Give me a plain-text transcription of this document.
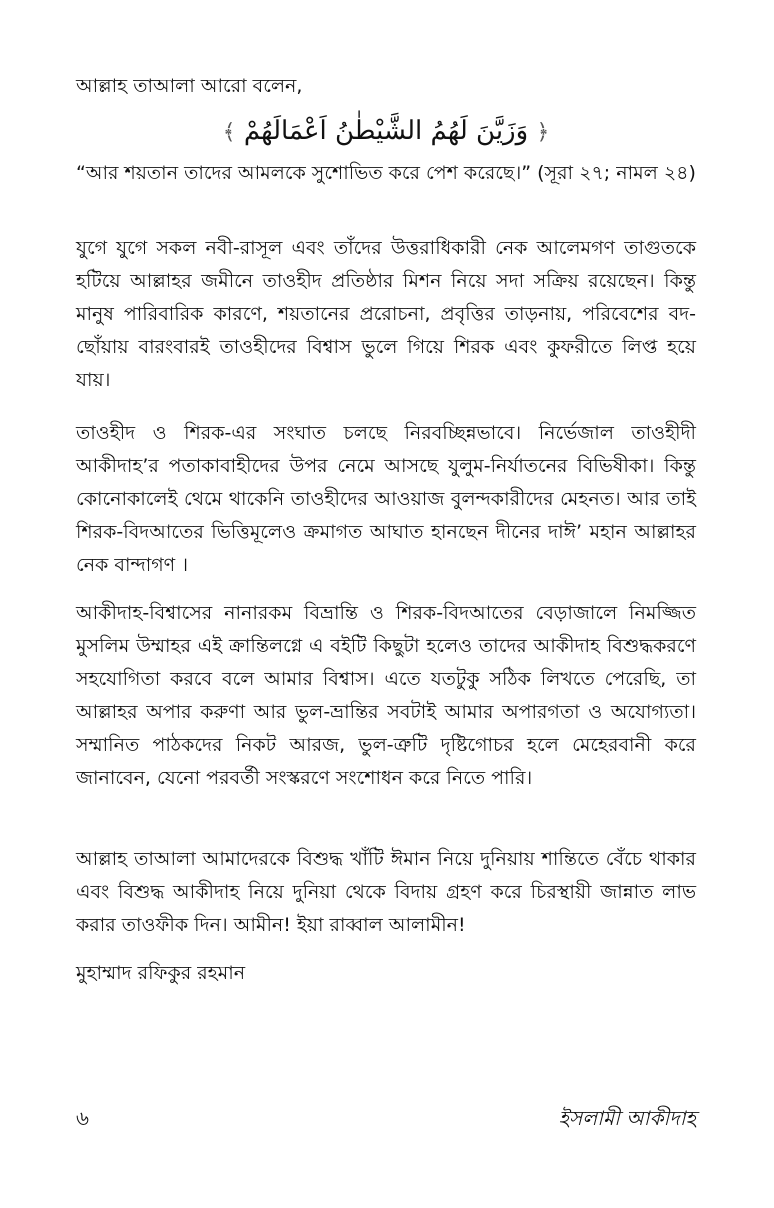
আল্লাহ তাআলা আরো বলেন,

﴿ وَزَيَّنَ لَهُمُ الشَّيْطٰنُ اَعْمَالَهُمْ ﴾

“আর শয়তান তাদের আমলকে সুশোভিত করে পেশ করেছে।” (সূরা ২৭; নামল ২৪)

যুগে যুগে সকল নবী-রাসূল এবং তাঁদের উত্তরাধিকারী নেক আলেমগণ তাগুতকে হটিয়ে আল্লাহর জমীনে তাওহীদ প্রতিষ্ঠার মিশন নিয়ে সদা সক্রিয় রয়েছেন। কিন্তু মানুষ পারিবারিক কারণে, শয়তানের প্ররোচনা, প্রবৃত্তির তাড়নায়, পরিবেশের বদ-ছোঁয়ায় বারংবারই তাওহীদের বিশ্বাস ভুলে গিয়ে শিরক এবং কুফরীতে লিপ্ত হয়ে যায়।

তাওহীদ ও শিরক-এর সংঘাত চলছে নিরবচ্ছিন্নভাবে। নির্ভেজাল তাওহীদী আকীদাহ’র পতাকাবাহীদের উপর নেমে আসছে যুলুম-নির্যাতনের বিভিষীকা। কিন্তু কোনোকালেই থেমে থাকেনি তাওহীদের আওয়াজ বুলন্দকারীদের মেহনত। আর তাই শিরক-বিদআতের ভিত্তিমূলেও ক্রমাগত আঘাত হানছেন দীনের দাঈ’ মহান আল্লাহর নেক বান্দাগণ ।

আকীদাহ-বিশ্বাসের নানারকম বিভ্রান্তি ও শিরক-বিদআতের বেড়াজালে নিমজ্জিত মুসলিম উম্মাহর এই ক্রান্তিলগ্নে এ বইটি কিছুটা হলেও তাদের আকীদাহ বিশুদ্ধকরণে সহযোগিতা করবে বলে আমার বিশ্বাস। এতে যতটুকু সঠিক লিখতে পেরেছি, তা আল্লাহর অপার করুণা আর ভুল-ভ্রান্তির সবটাই আমার অপারগতা ও অযোগ্যতা। সম্মানিত পাঠকদের নিকট আরজ, ভুল-ত্রুটি দৃষ্টিগোচর হলে মেহেরবানী করে জানাবেন, যেনো পরবর্তী সংস্করণে সংশোধন করে নিতে পারি।

আল্লাহ তাআলা আমাদেরকে বিশুদ্ধ খাঁটি ঈমান নিয়ে দুনিয়ায় শান্তিতে বেঁচে থাকার এবং বিশুদ্ধ আকীদাহ নিয়ে দুনিয়া থেকে বিদায় গ্রহণ করে চিরস্থায়ী জান্নাত লাভ করার তাওফীক দিন। আমীন! ইয়া রাব্বাল আলামীন!

মুহাম্মাদ রফিকুর রহমান

৬	ইসলামী আকীদাহ
